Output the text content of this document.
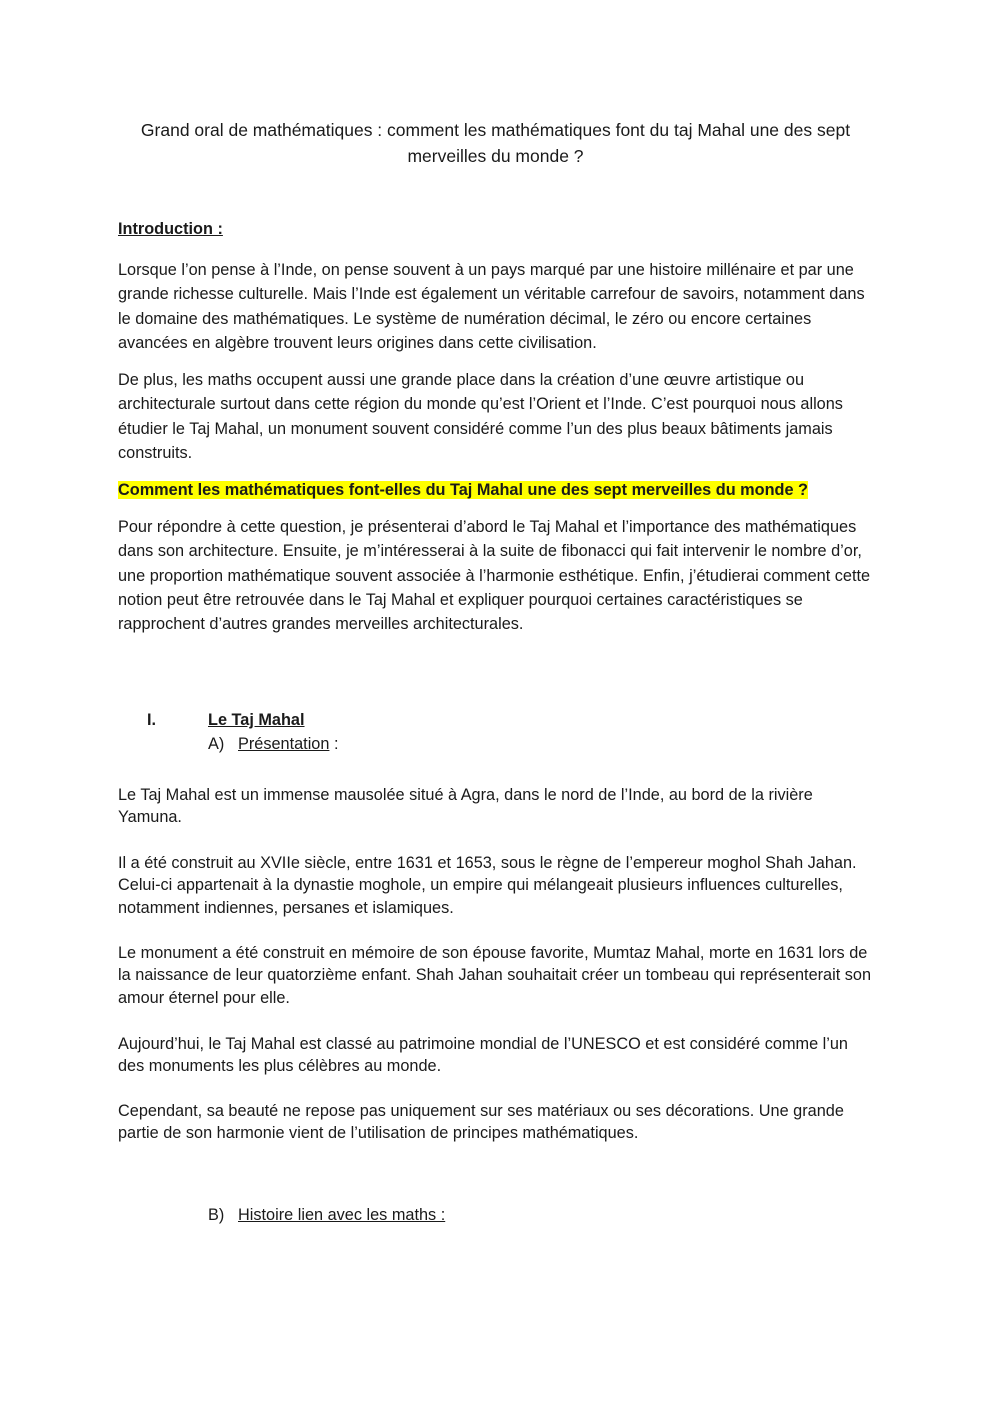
Grand oral de mathématiques : comment les mathématiques font du taj Mahal une des sept merveilles du monde ?

Introduction :

Lorsque l’on pense à l’Inde, on pense souvent à un pays marqué par une histoire millénaire et par une grande richesse culturelle. Mais l’Inde est également un véritable carrefour de savoirs, notamment dans le domaine des mathématiques. Le système de numération décimal, le zéro ou encore certaines avancées en algèbre trouvent leurs origines dans cette civilisation.

De plus, les maths occupent aussi une grande place dans la création d’une œuvre artistique ou architecturale surtout dans cette région du monde qu’est l’Orient et l’Inde. C’est pourquoi nous allons étudier le Taj Mahal, un monument souvent considéré comme l’un des plus beaux bâtiments jamais construits.

Comment les mathématiques font-elles du Taj Mahal une des sept merveilles du monde ?

Pour répondre à cette question, je présenterai d’abord le Taj Mahal et l’importance des mathématiques dans son architecture. Ensuite, je m’intéresserai à la suite de fibonacci qui fait intervenir le nombre d’or, une proportion mathématique souvent associée à l’harmonie esthétique. Enfin, j’étudierai comment cette notion peut être retrouvée dans le Taj Mahal et expliquer pourquoi certaines caractéristiques se rapprochent d’autres grandes merveilles architecturales.

I.	Le Taj Mahal
A) Présentation :

Le Taj Mahal est un immense mausolée situé à Agra, dans le nord de l’Inde, au bord de la rivière Yamuna.

Il a été construit au XVIIe siècle, entre 1631 et 1653, sous le règne de l’empereur moghol Shah Jahan. Celui-ci appartenait à la dynastie moghole, un empire qui mélangeait plusieurs influences culturelles, notamment indiennes, persanes et islamiques.

Le monument a été construit en mémoire de son épouse favorite, Mumtaz Mahal, morte en 1631 lors de la naissance de leur quatorzième enfant. Shah Jahan souhaitait créer un tombeau qui représenterait son amour éternel pour elle.

Aujourd’hui, le Taj Mahal est classé au patrimoine mondial de l’UNESCO et est considéré comme l’un des monuments les plus célèbres au monde.

Cependant, sa beauté ne repose pas uniquement sur ses matériaux ou ses décorations. Une grande partie de son harmonie vient de l’utilisation de principes mathématiques.

B) Histoire lien avec les maths :
